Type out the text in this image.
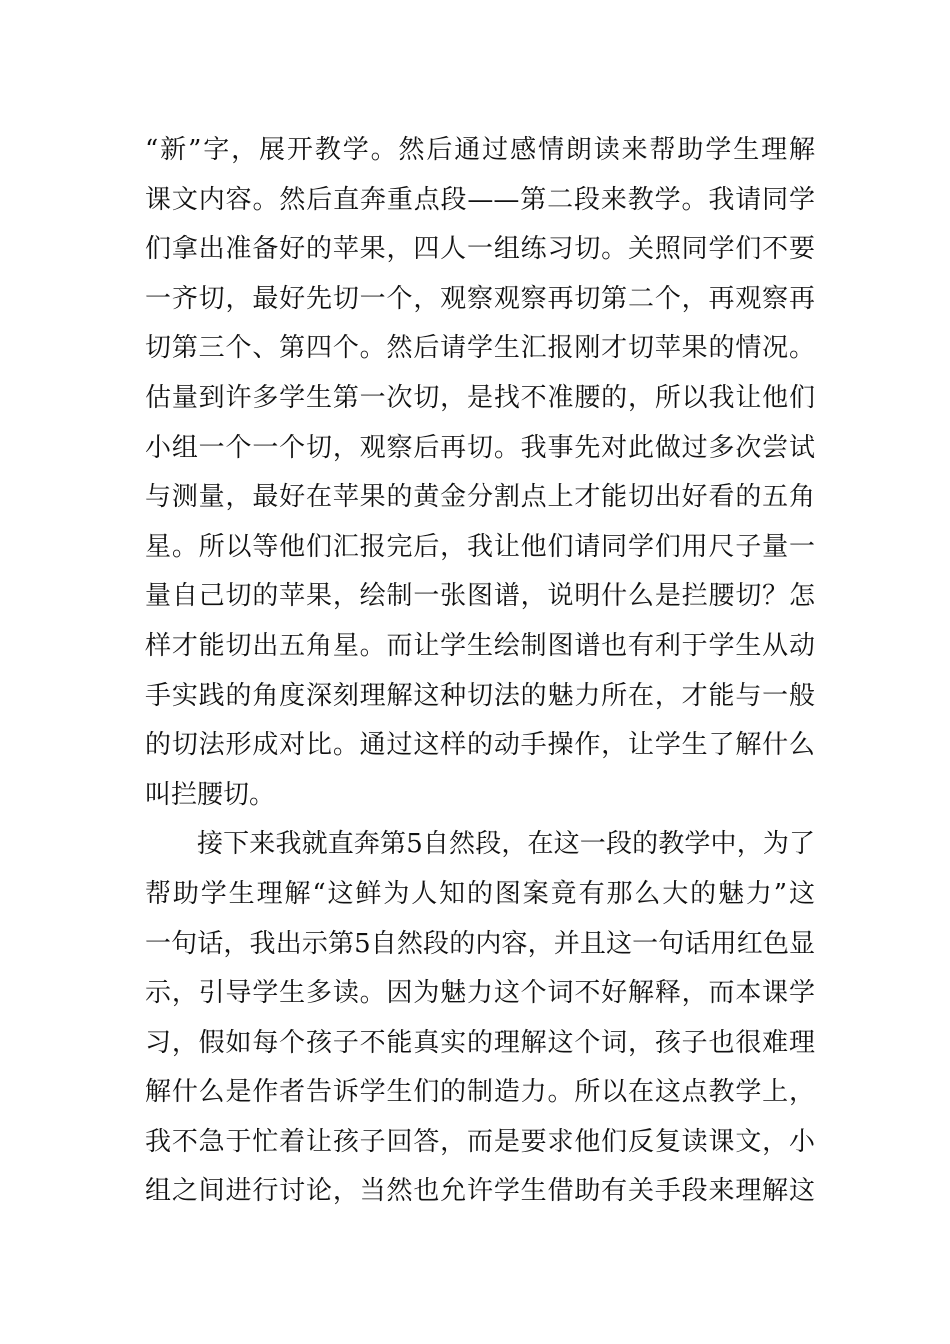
“新”字，展开教学。然后通过感情朗读来帮助学生理解
课文内容。然后直奔重点段——第二段来教学。我请同学
们拿出准备好的苹果，四人一组练习切。关照同学们不要
一齐切，最好先切一个，观察观察再切第二个，再观察再
切第三个、第四个。然后请学生汇报刚才切苹果的情况。
估量到许多学生第一次切，是找不准腰的，所以我让他们
小组一个一个切，观察后再切。我事先对此做过多次尝试
与测量，最好在苹果的黄金分割点上才能切出好看的五角
星。所以等他们汇报完后，我让他们请同学们用尺子量一
量自己切的苹果，绘制一张图谱，说明什么是拦腰切？怎
样才能切出五角星。而让学生绘制图谱也有利于学生从动
手实践的角度深刻理解这种切法的魅力所在，才能与一般
的切法形成对比。通过这样的动手操作，让学生了解什么
叫拦腰切。
接下来我就直奔第5自然段，在这一段的教学中，为了
帮助学生理解“这鲜为人知的图案竟有那么大的魅力”这
一句话，我出示第5自然段的内容，并且这一句话用红色显
示，引导学生多读。因为魅力这个词不好解释，而本课学
习，假如每个孩子不能真实的理解这个词，孩子也很难理
解什么是作者告诉学生们的制造力。所以在这点教学上，
我不急于忙着让孩子回答，而是要求他们反复读课文，小
组之间进行讨论，当然也允许学生借助有关手段来理解这
